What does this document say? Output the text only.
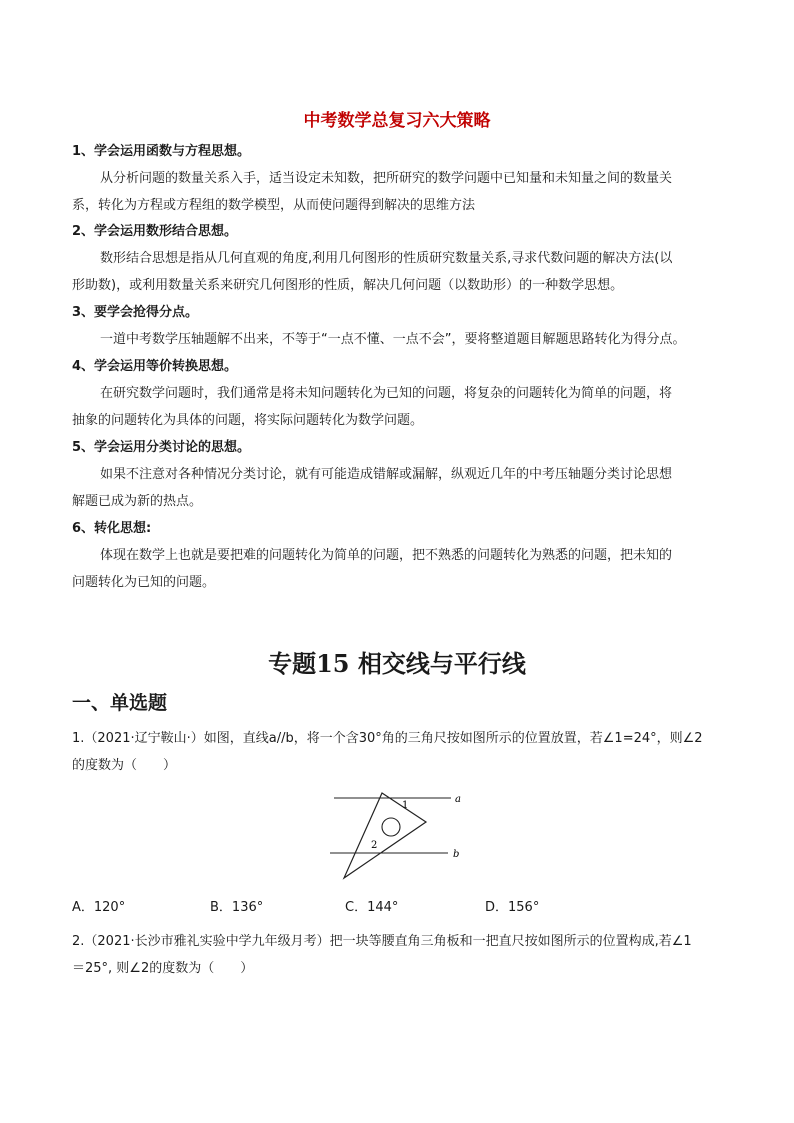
中考数学总复习六大策略
1、学会运用函数与方程思想。
从分析问题的数量关系入手，适当设定未知数，把所研究的数学问题中已知量和未知量之间的数量关
系，转化为方程或方程组的数学模型，从而使问题得到解决的思维方法
2、学会运用数形结合思想。
数形结合思想是指从几何直观的角度,利用几何图形的性质研究数量关系,寻求代数问题的解决方法(以
形助数)，或利用数量关系来研究几何图形的性质，解决几何问题（以数助形）的一种数学思想。
3、要学会抢得分点。
一道中考数学压轴题解不出来，不等于“一点不懂、一点不会”，要将整道题目解题思路转化为得分点。
4、学会运用等价转换思想。
在研究数学问题时，我们通常是将未知问题转化为已知的问题，将复杂的问题转化为简单的问题，将
抽象的问题转化为具体的问题，将实际问题转化为数学问题。
5、学会运用分类讨论的思想。
如果不注意对各种情况分类讨论，就有可能造成错解或漏解，纵观近几年的中考压轴题分类讨论思想
解题已成为新的热点。
6、转化思想:
体现在数学上也就是要把难的问题转化为简单的问题，把不熟悉的问题转化为熟悉的问题，把未知的
问题转化为已知的问题。
专题15 相交线与平行线
一、单选题
1.（2021·辽宁鞍山·）如图，直线a//b，将一个含30°角的三角尺按如图所示的位置放置，若∠1=24°，则∠2
的度数为（　　）
a
b
1
2
A．120°	B．136°	C．144°	D．156°
2.（2021·长沙市雅礼实验中学九年级月考）把一块等腰直角三角板和一把直尺按如图所示的位置构成,若∠1
＝25°, 则∠2的度数为（　　）
